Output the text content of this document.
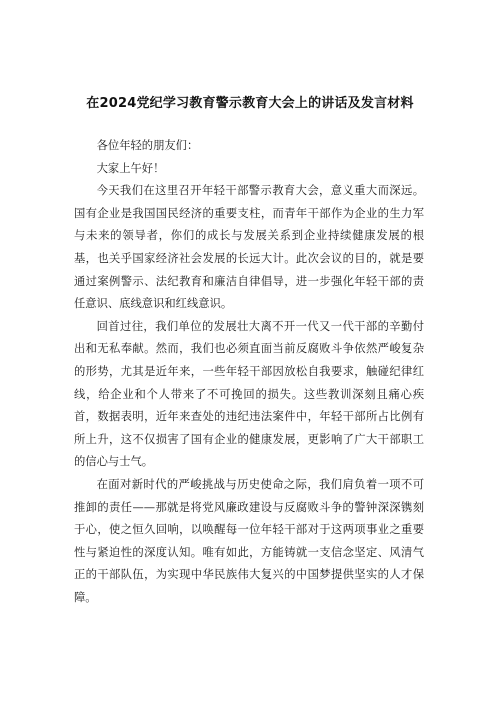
在2024党纪学习教育警示教育大会上的讲话及发言材料

各位年轻的朋友们：

大家上午好！

今天我们在这里召开年轻干部警示教育大会，意义重大而深远。国有企业是我国国民经济的重要支柱，而青年干部作为企业的生力军与未来的领导者，你们的成长与发展关系到企业持续健康发展的根基，也关乎国家经济社会发展的长远大计。此次会议的目的，就是要通过案例警示、法纪教育和廉洁自律倡导，进一步强化年轻干部的责任意识、底线意识和红线意识。

回首过往，我们单位的发展壮大离不开一代又一代干部的辛勤付出和无私奉献。然而，我们也必须直面当前反腐败斗争依然严峻复杂的形势，尤其是近年来，一些年轻干部因放松自我要求，触碰纪律红线，给企业和个人带来了不可挽回的损失。这些教训深刻且痛心疾首，数据表明，近年来查处的违纪违法案件中，年轻干部所占比例有所上升，这不仅损害了国有企业的健康发展，更影响了广大干部职工的信心与士气。

在面对新时代的严峻挑战与历史使命之际，我们肩负着一项不可推卸的责任——那就是将党风廉政建设与反腐败斗争的警钟深深镌刻于心，使之恒久回响，以唤醒每一位年轻干部对于这两项事业之重要性与紧迫性的深度认知。唯有如此，方能铸就一支信念坚定、风清气正的干部队伍，为实现中华民族伟大复兴的中国梦提供坚实的人才保障。
